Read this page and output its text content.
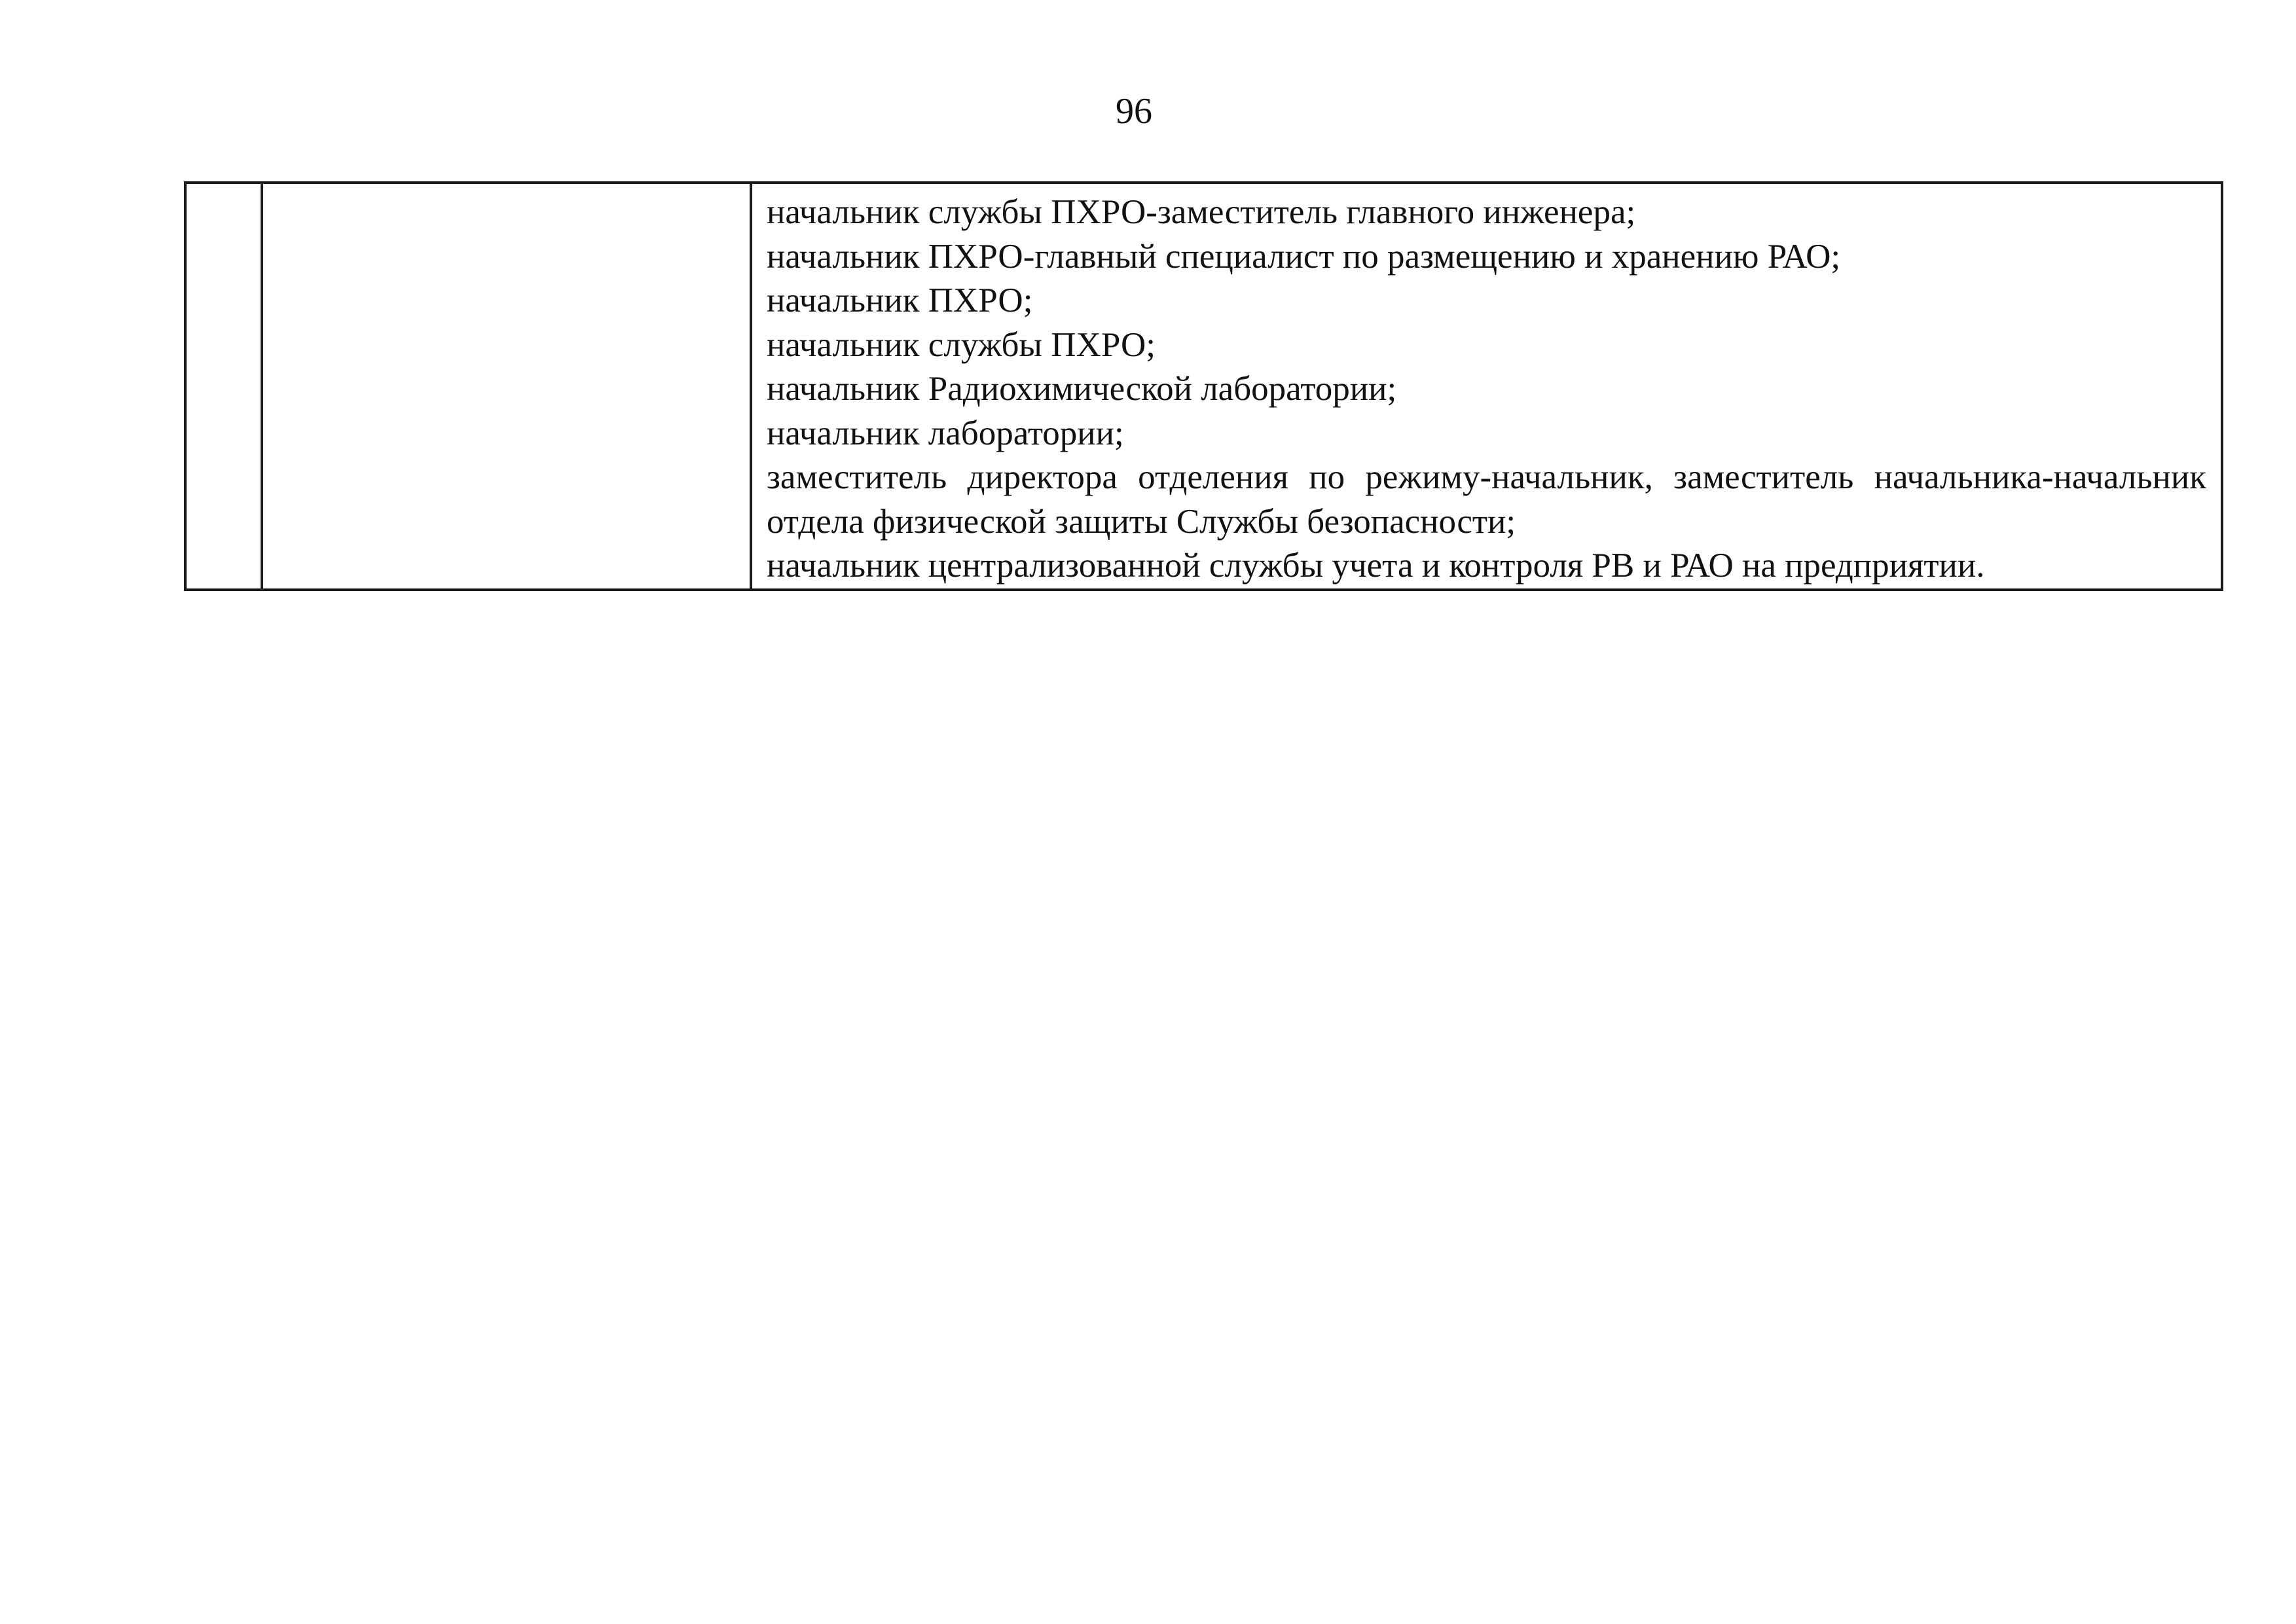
96

начальник службы ПХРО-заместитель главного инженера;
начальник ПХРО-главный специалист по размещению и хранению РАО;
начальник ПХРО;
начальник службы ПХРО;
начальник Радиохимической лаборатории;
начальник лаборатории;
заместитель директора отделения по режиму-начальник, заместитель начальника-начальник отдела физической защиты Службы безопасности;
начальник централизованной службы учета и контроля РВ и РАО на предприятии.
